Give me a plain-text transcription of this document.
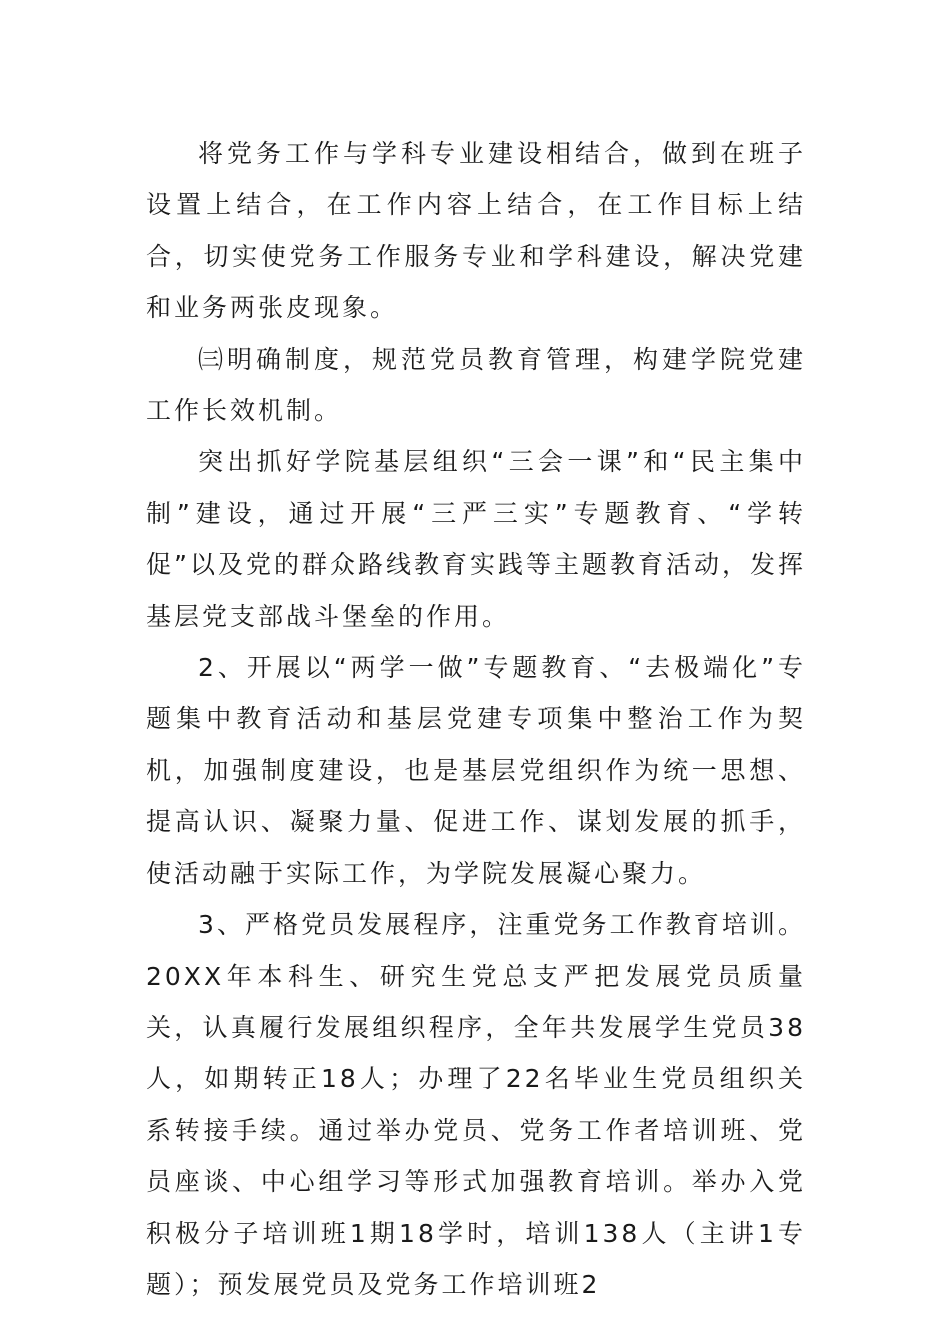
将党务工作与学科专业建设相结合，做到在班子设置上结合，在工作内容上结合，在工作目标上结合，切实使党务工作服务专业和学科建设，解决党建和业务两张皮现象。

㈢明确制度，规范党员教育管理，构建学院党建工作长效机制。

突出抓好学院基层组织“三会一课”和“民主集中制”建设，通过开展“三严三实”专题教育、“学转促”以及党的群众路线教育实践等主题教育活动，发挥基层党支部战斗堡垒的作用。

2、开展以“两学一做”专题教育、“去极端化”专题集中教育活动和基层党建专项集中整治工作为契机，加强制度建设，也是基层党组织作为统一思想、提高认识、凝聚力量、促进工作、谋划发展的抓手，使活动融于实际工作，为学院发展凝心聚力。

3、严格党员发展程序，注重党务工作教育培训。20XX年本科生、研究生党总支严把发展党员质量关，认真履行发展组织程序，全年共发展学生党员38人，如期转正18人；办理了22名毕业生党员组织关系转接手续。通过举办党员、党务工作者培训班、党员座谈、中心组学习等形式加强教育培训。举办入党积极分子培训班1期18学时，培训138人（主讲1专题）；预发展党员及党务工作培训班2
